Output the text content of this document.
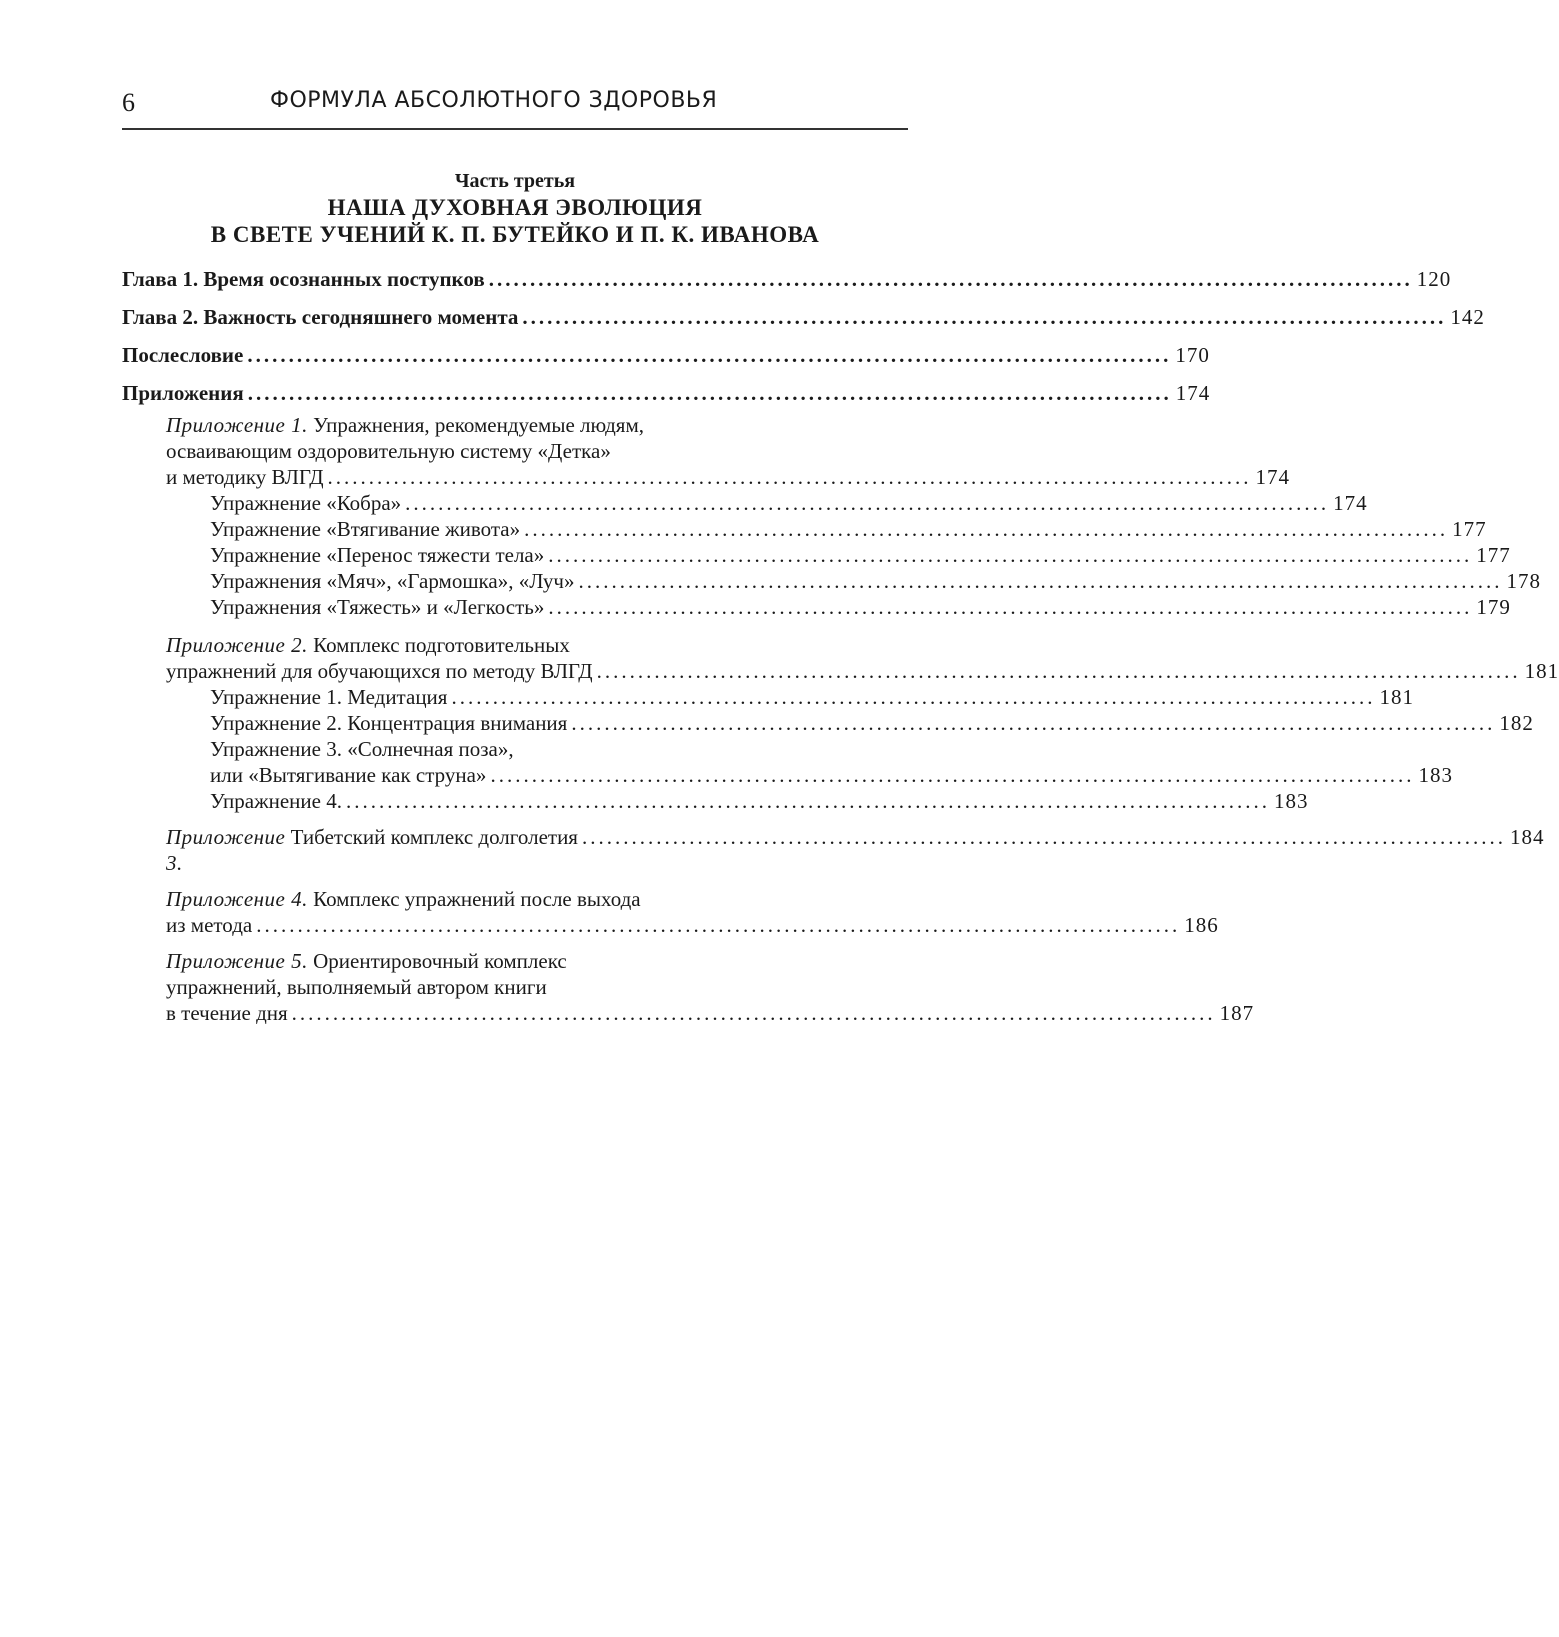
6	ФОРМУЛА АБСОЛЮТНОГО ЗДОРОВЬЯ
Часть третья
НАША ДУХОВНАЯ ЭВОЛЮЦИЯ
В СВЕТЕ УЧЕНИЙ К. П. БУТЕЙКО И П. К. ИВАНОВА
Глава 1. Время осознанных поступков ................................................................................................................ 120
Глава 2. Важность сегодняшнего момента ................................................................................................................ 142
Послесловие ................................................................................................................ 170
Приложения ................................................................................................................ 174
Приложение 1. Упражнения, рекомендуемые людям,
осваивающим оздоровительную систему «Детка»
и методику ВЛГД ................................................................................................................ 174
Упражнение «Кобра» ................................................................................................................ 174
Упражнение «Втягивание живота» ................................................................................................................ 177
Упражнение «Перенос тяжести тела» ................................................................................................................ 177
Упражнения «Мяч», «Гармошка», «Луч» ................................................................................................................ 178
Упражнения «Тяжесть» и «Легкость» ................................................................................................................ 179
Приложение 2. Комплекс подготовительных
упражнений для обучающихся по методу ВЛГД ................................................................................................................ 181
Упражнение 1. Медитация ................................................................................................................ 181
Упражнение 2. Концентрация внимания ................................................................................................................ 182
Упражнение 3. «Солнечная поза»,
или «Вытягивание как струна» ................................................................................................................ 183
Упражнение 4. ................................................................................................................ 183
Приложение 3.
Тибетский комплекс долголетия ................................................................................................................ 184
Приложение 4. Комплекс упражнений после выхода
из метода ................................................................................................................ 186
Приложение 5. Ориентировочный комплекс
упражнений, выполняемый автором книги
в течение дня ................................................................................................................ 187
